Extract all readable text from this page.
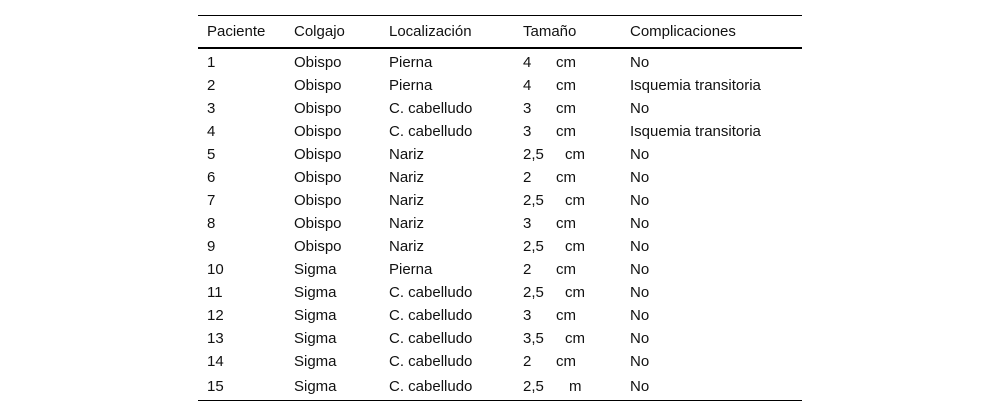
Paciente	Colgajo	Localización	Tamaño	Complicaciones
1	Obispo	Pierna	4 cm	No
2	Obispo	Pierna	4 cm	Isquemia transitoria
3	Obispo	C. cabelludo	3 cm	No
4	Obispo	C. cabelludo	3 cm	Isquemia transitoria
5	Obispo	Nariz	2,5 cm	No
6	Obispo	Nariz	2 cm	No
7	Obispo	Nariz	2,5 cm	No
8	Obispo	Nariz	3 cm	No
9	Obispo	Nariz	2,5 cm	No
10	Sigma	Pierna	2 cm	No
11	Sigma	C. cabelludo	2,5 cm	No
12	Sigma	C. cabelludo	3 cm	No
13	Sigma	C. cabelludo	3,5 cm	No
14	Sigma	C. cabelludo	2 cm	No
15	Sigma	C. cabelludo	2,5 m	No
